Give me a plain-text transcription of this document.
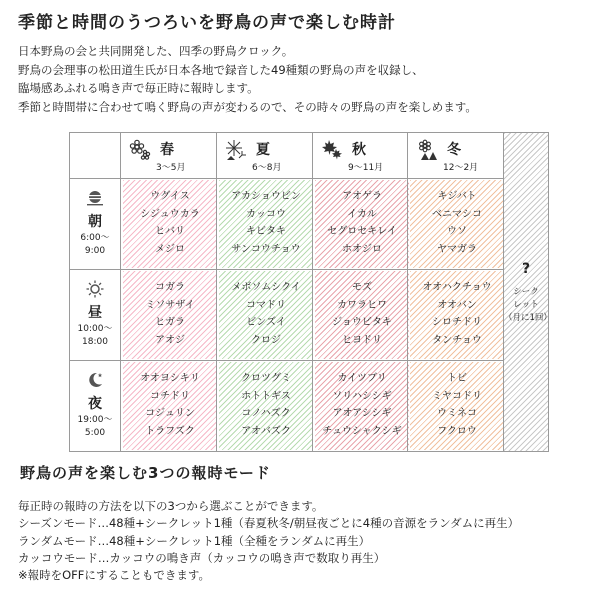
季節と時間のうつろいを野鳥の声で楽しむ時計
日本野鳥の会と共同開発した、四季の野鳥クロック。
野鳥の会理事の松田道生氏が日本各地で録音した49種類の野鳥の声を収録し、
臨場感あふれる鳴き声で毎正時に報時します。
季節と時間帯に合わせて鳴く野鳥の声が変わるので、その時々の野鳥の声を楽しめます。
ウグイス
シジュウカラ
ヒバリ
メジロ
アカショウビン
カッコウ
キビタキ
サンコウチョウ
アオゲラ
イカル
セグロセキレイ
ホオジロ
キジバト
ベニマシコ
ウソ
ヤマガラ
コガラ
ミソサザイ
ヒガラ
アオジ
メボソムシクイ
コマドリ
ビンズイ
クロジ
モズ
カワラヒワ
ジョウビタキ
ヒヨドリ
オオハクチョウ
オオバン
シロチドリ
タンチョウ
オオヨシキリ
コチドリ
コジュリン
トラフズク
クロツグミ
ホトトギス
コノハズク
アオバズク
カイツブリ
ソリハシシギ
アオアシシギ
チュウシャクシギ
トビ
ミヤコドリ
ウミネコ
フクロウ
?
シーク
レット
（月に1回）
春
3～5月
夏
6～8月
秋
9～11月
冬
12～2月
朝
6:00～
9:00
昼
10:00～
18:00
夜
19:00～
5:00
野鳥の声を楽しむ3つの報時モード
毎正時の報時の方法を以下の3つから選ぶことができます。
シーズンモード…48種+シークレット1種（春夏秋冬/朝昼夜ごとに4種の音源をランダムに再生）
ランダムモード…48種+シークレット1種（全種をランダムに再生）
カッコウモード…カッコウの鳴き声（カッコウの鳴き声で数取り再生）
※報時をOFFにすることもできます。
